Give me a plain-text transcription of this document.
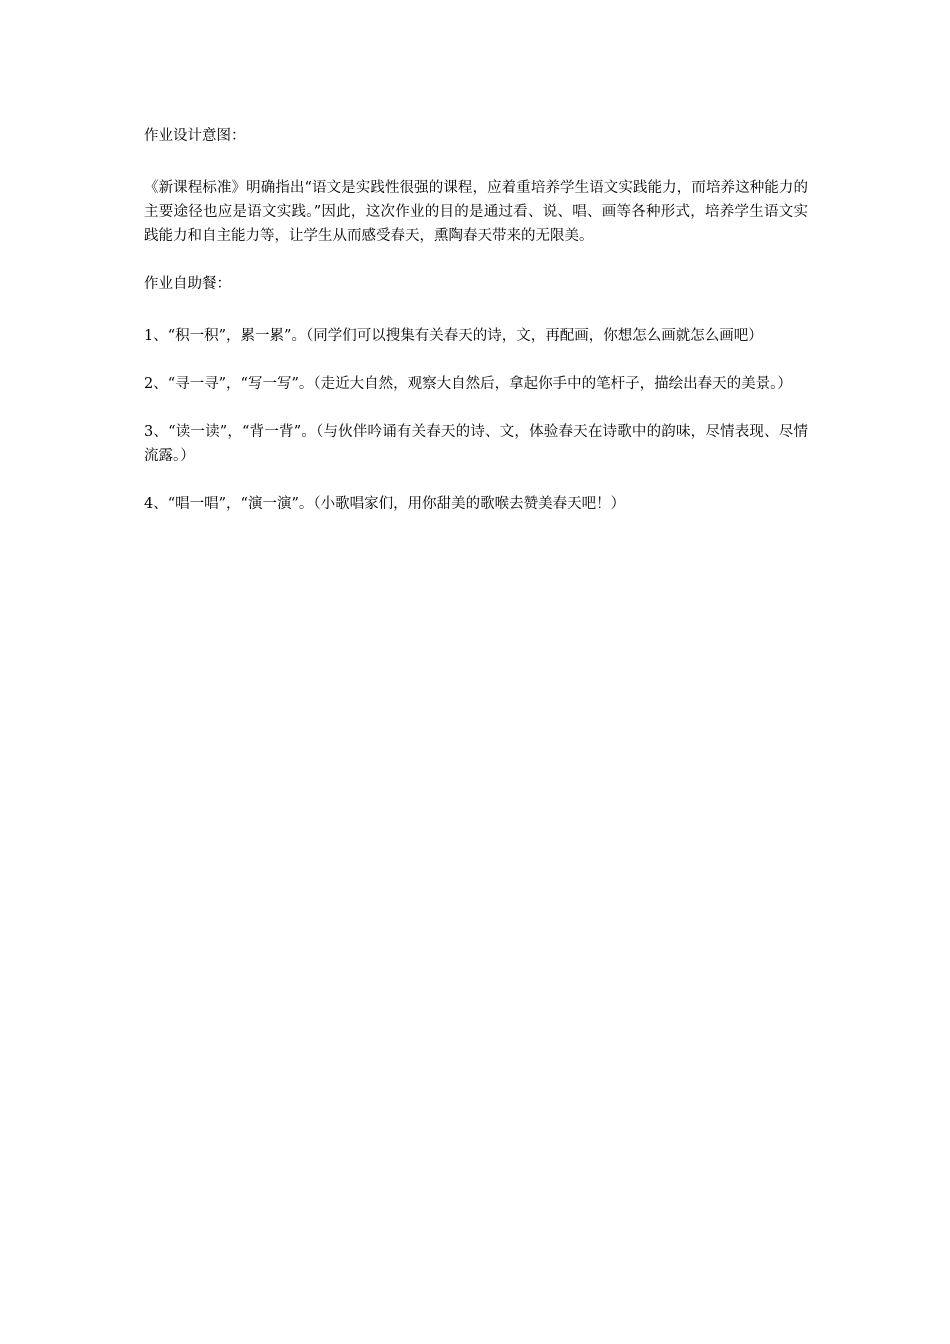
作业设计意图：

《新课程标准》明确指出“语文是实践性很强的课程，应着重培养学生语文实践能力，而培养这种能力的主要途径也应是语文实践。”因此，这次作业的目的是通过看、说、唱、画等各种形式，培养学生语文实践能力和自主能力等，让学生从而感受春天，熏陶春天带来的无限美。

作业自助餐：

1、“积一积”，累一累”。（同学们可以搜集有关春天的诗，文，再配画，你想怎么画就怎么画吧）

2、“寻一寻”，“写一写”。（走近大自然，观察大自然后，拿起你手中的笔杆子，描绘出春天的美景。）

3、“读一读”，“背一背”。（与伙伴吟诵有关春天的诗、文，体验春天在诗歌中的韵味，尽情表现、尽情流露。）

4、“唱一唱”，“演一演”。（小歌唱家们，用你甜美的歌喉去赞美春天吧！）
